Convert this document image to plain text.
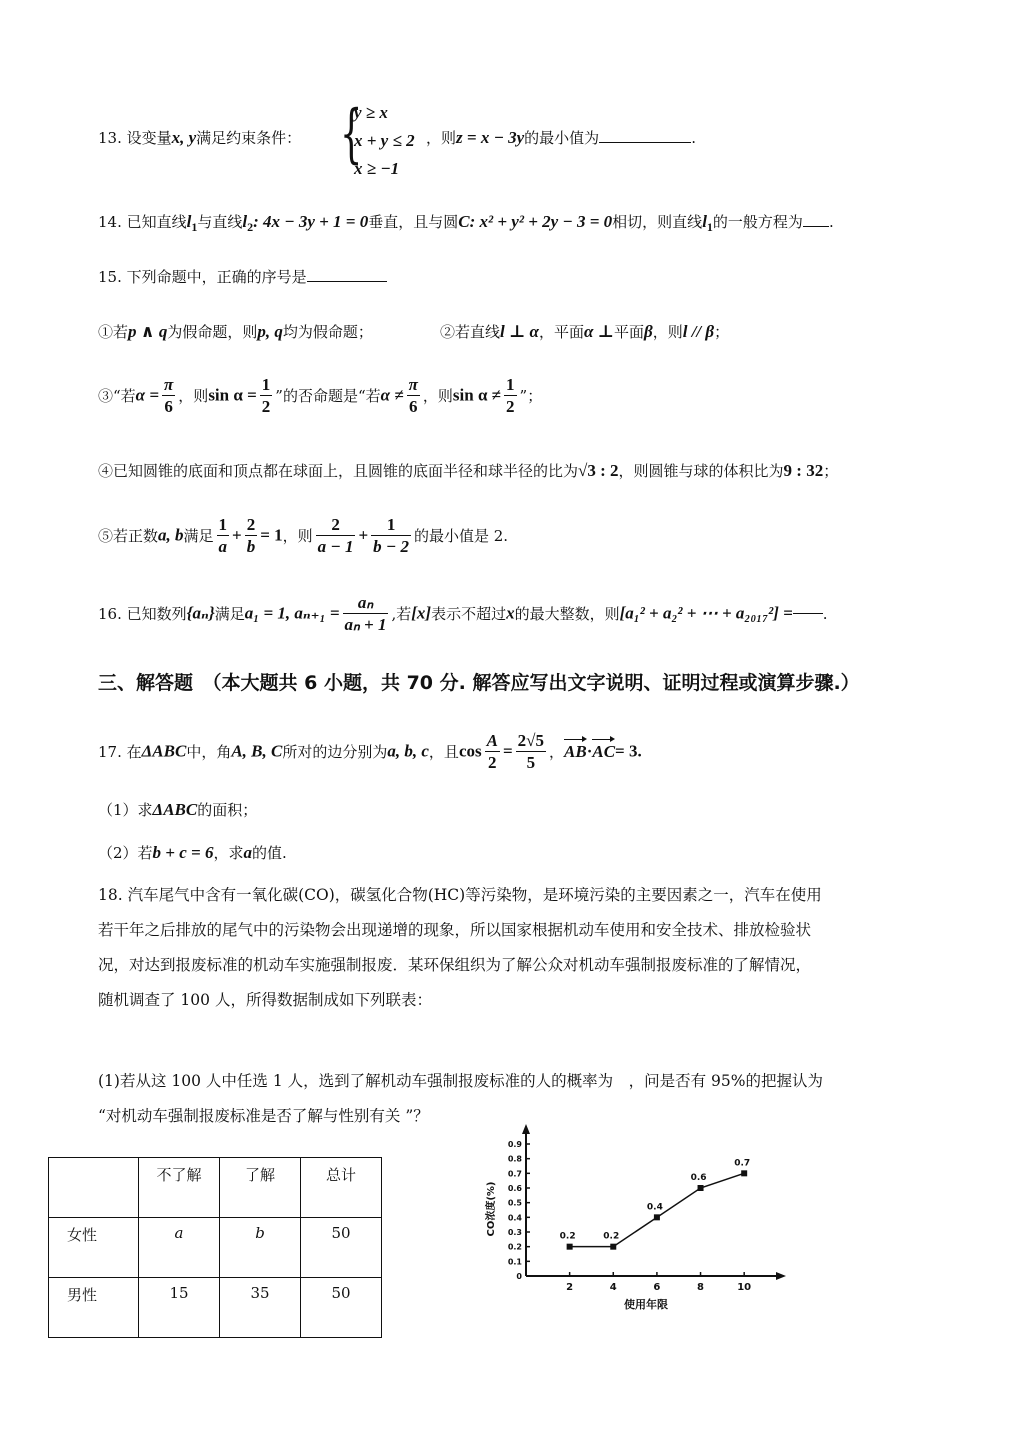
13. 设变量x, y满足约束条件： {
y ≥ x
x + y ≤ 2
x ≥ −1
，则z = x − 3y的最小值为	.
14. 已知直线$l_1$与直线$l_2$: 4x − 3y + 1 = 0垂直，且与圆C: x² + y² + 2y − 3 = 0相切，则直线$l_1$的一般方程为 .
15. 下列命题中，正确的序号是
①若p ∧ q为假命题，则p, q均为假命题；	②若直线l ⊥ α，平面α ⊥平面β，则l // β；
③“若$\alpha = \frac{\pi}{6}$ ，则$\sin \alpha = \frac{1}{2}$ ”的否命题是“若$\alpha \ne \frac{\pi}{6}$ ，则$\sin \alpha \ne \frac{1}{2}$ ”；
④已知圆锥的底面和顶点都在球面上，且圆锥的底面半径和球半径的比为√3 : 2，则圆锥与球的体积比为9 : 32；
⑤若正数a, b满足 $\frac{1}{a} + \frac{2}{b} = 1$，则 $\frac{2}{a - 1} + \frac{1}{b - 2}$ 的最小值是 2.
16. 已知数列{aₙ}满足a₁ = 1, $a_{n+1} = \frac{\text{aₙ}}{\text{aₙ + 1}}$ ,若[x]表示不超过x的最大整数，则[a₁² + a₂² + ⋯ + a₂₀₁₇²] = .
三、解答题　（本大题共 6 小题，共 70 分. 解答应写出文字说明、证明过程或演算步骤.）
17. 在ΔABC中，角A, B, C所对的边分别为a, b, c，且$\cos \frac{A}{2} = \frac{2√5}{5}$ ，AB·AC= 3.
（1）求ΔABC的面积；
（2）若b + c = 6，求a的值.
18. 汽车尾气中含有一氧化碳(CO)，碳氢化合物(HC)等污染物，是环境污染的主要因素之一，汽车在使用
若干年之后排放的尾气中的污染物会出现递增的现象，所以国家根据机动车使用和安全技术、排放检验状
况，对达到报废标准的机动车实施强制报废．某环保组织为了解公众对机动车强制报废标准的了解情况，
随机调查了 100 人，所得数据制成如下列联表：
(1)若从这 100 人中任选 1 人，选到了解机动车强制报废标准的人的概率为　，问是否有 95%的把握认为
“对机动车强制报废标准是否了解与性别有关 ”？
	不了解	了解	总计
女性	a	b	50
男性	15	35	50
0
0.1
0.2
0.3
0.4
0.5
0.6
0.7
0.8
0.9
2	4	6	8	10
使用年限
CO浓度(%)
0.2	0.2
0.4
0.6
0.7
